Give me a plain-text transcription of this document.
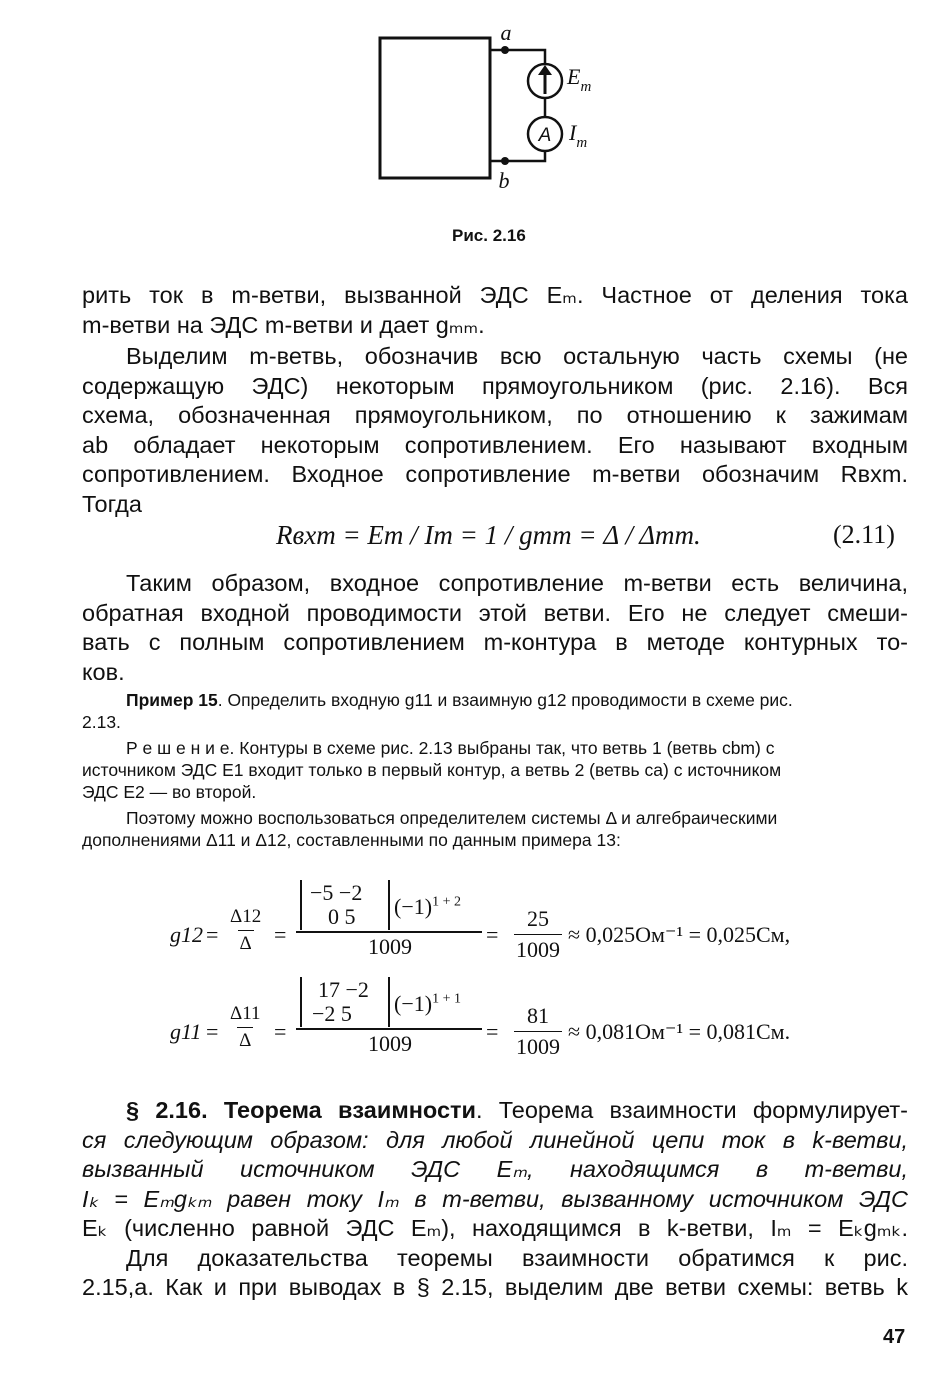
A
a
b
$E_m$
$I_m$
Рис. 2.16
рить ток в m-ветви, вызванной ЭДС Eₘ. Частное от деления тока
m-ветви на ЭДС m-ветви и дает gₘₘ.
Выделим m-ветвь, обозначив всю остальную часть схемы (не
содержащую ЭДС) некоторым прямоугольником (рис. 2.16). Вся
схема, обозначенная прямоугольником, по отношению к зажимам
ab обладает некоторым сопротивлением. Его называют входным
сопротивлением. Входное сопротивление m-ветви обозначим Rвхm.
Тогда
Rвхm = Em / Im = 1 / gmm = Δ / Δmm.	(2.11)
Таким образом, входное сопротивление m-ветви есть величина,
обратная входной проводимости этой ветви. Его не следует смеши-
вать с полным сопротивлением m-контура в методе контурных то-
ков.
Пример 15. Определить входную g11 и взаимную g12 проводимости в схеме рис.
2.13.
Р е ш е н и е. Контуры в схеме рис. 2.13 выбраны так, что ветвь 1 (ветвь cbm) с
источником ЭДС E1 входит только в первый контур, а ветвь 2 (ветвь ca) с источником
ЭДС E2 — во второй.
Поэтому можно воспользоваться определителем системы Δ и алгебраическими
дополнениями Δ11 и Δ12, составленными по данным примера 13:
$g12 = \frac{\Delta 12}{\Delta}$ =
−5 −2
0 5 $(-1)^{1 + 2}$
1009	= $\frac{25}{1009} \approx 0,025Ом^{-1} = 0,025См$,
$g11 = \frac{\Delta 11}{\Delta}$ =
17 −2
−2 5 $(-1)^{1 + 1}$
1009	= $\frac{81}{1009} \approx 0,081Ом^{-1} = 0,081См$.
§ 2.16. Теорема взаимности. Теорема взаимности формулирует-
ся следующим образом: для любой линейной цепи ток в k-ветви,
вызванный источником ЭДС Eₘ, находящимся в m-ветви,
Iₖ = Eₘgₖₘ равен току Iₘ в m-ветви, вызванному источником ЭДС
Eₖ (численно равной ЭДС Eₘ), находящимся в k-ветви, Iₘ = Eₖgₘₖ.
Для доказательства теоремы взаимности обратимся к рис.
2.15,a. Как и при выводах в § 2.15, выделим две ветви схемы: ветвь k
47
